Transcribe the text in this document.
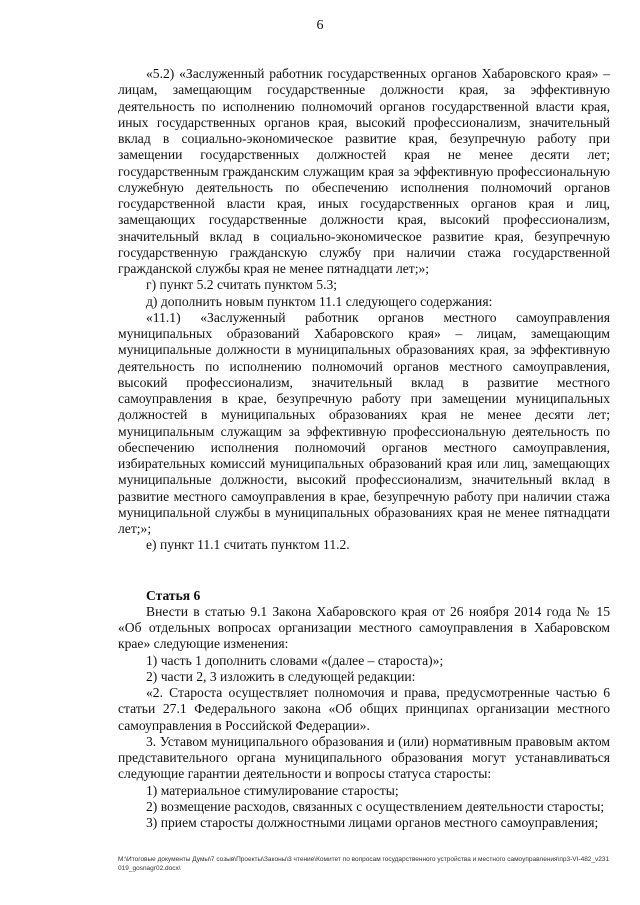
6

«5.2) «Заслуженный работник государственных органов Хабаровского края» – лицам, замещающим государственные должности края, за эффективную деятельность по исполнению полномочий органов государственной власти края, иных государственных органов края, высокий профессионализм, значительный вклад в социально-экономическое развитие края, безупречную работу при замещении государственных должностей края не менее десяти лет; государственным гражданским служащим края за эффективную профессиональную служебную деятельность по обеспечению исполнения полномочий органов государственной власти края, иных государственных органов края и лиц, замещающих государственные должности края, высокий профессионализм, значительный вклад в социально-экономическое развитие края, безупречную государственную гражданскую службу при наличии стажа государственной гражданской службы края не менее пятнадцати лет;»;

г) пункт 5.2 считать пунктом 5.3;

д) дополнить новым пунктом 11.1 следующего содержания:

«11.1) «Заслуженный работник органов местного самоуправления муниципальных образований Хабаровского края» – лицам, замещающим муниципальные должности в муниципальных образованиях края, за эффективную деятельность по исполнению полномочий органов местного самоуправления, высокий профессионализм, значительный вклад в развитие местного самоуправления в крае, безупречную работу при замещении муниципальных должностей в муниципальных образованиях края не менее десяти лет; муниципальным служащим за эффективную профессиональную деятельность по обеспечению исполнения полномочий органов местного самоуправления, избирательных комиссий муниципальных образований края или лиц, замещающих муниципальные должности, высокий профессионализм, значительный вклад в развитие местного самоуправления в крае, безупречную работу при наличии стажа муниципальной службы в муниципальных образованиях края не менее пятнадцати лет;»;

е) пункт 11.1 считать пунктом 11.2.

Статья 6

Внести в статью 9.1 Закона Хабаровского края от 26 ноября 2014 года № 15 «Об отдельных вопросах организации местного самоуправления в Хабаровском крае» следующие изменения:

1) часть 1 дополнить словами «(далее – староста)»;

2) части 2, 3 изложить в следующей редакции:

«2. Староста осуществляет полномочия и права, предусмотренные частью 6 статьи 27.1 Федерального закона «Об общих принципах организации местного самоуправления в Российской Федерации».

3. Уставом муниципального образования и (или) нормативным правовым актом представительного органа муниципального образования могут устанавливаться следующие гарантии деятельности и вопросы статуса старосты:

1) материальное стимулирование старосты;

2) возмещение расходов, связанных с осуществлением деятельности старосты;

3) прием старосты должностными лицами органов местного самоуправления;

М:\Итоговые документы Думы\7 созыв\Проекты\Законы\3 чтение\Комитет по вопросам государственного устройства и местного самоуправления\пр3-VI-482_v231019_gosnagr02.docx\
